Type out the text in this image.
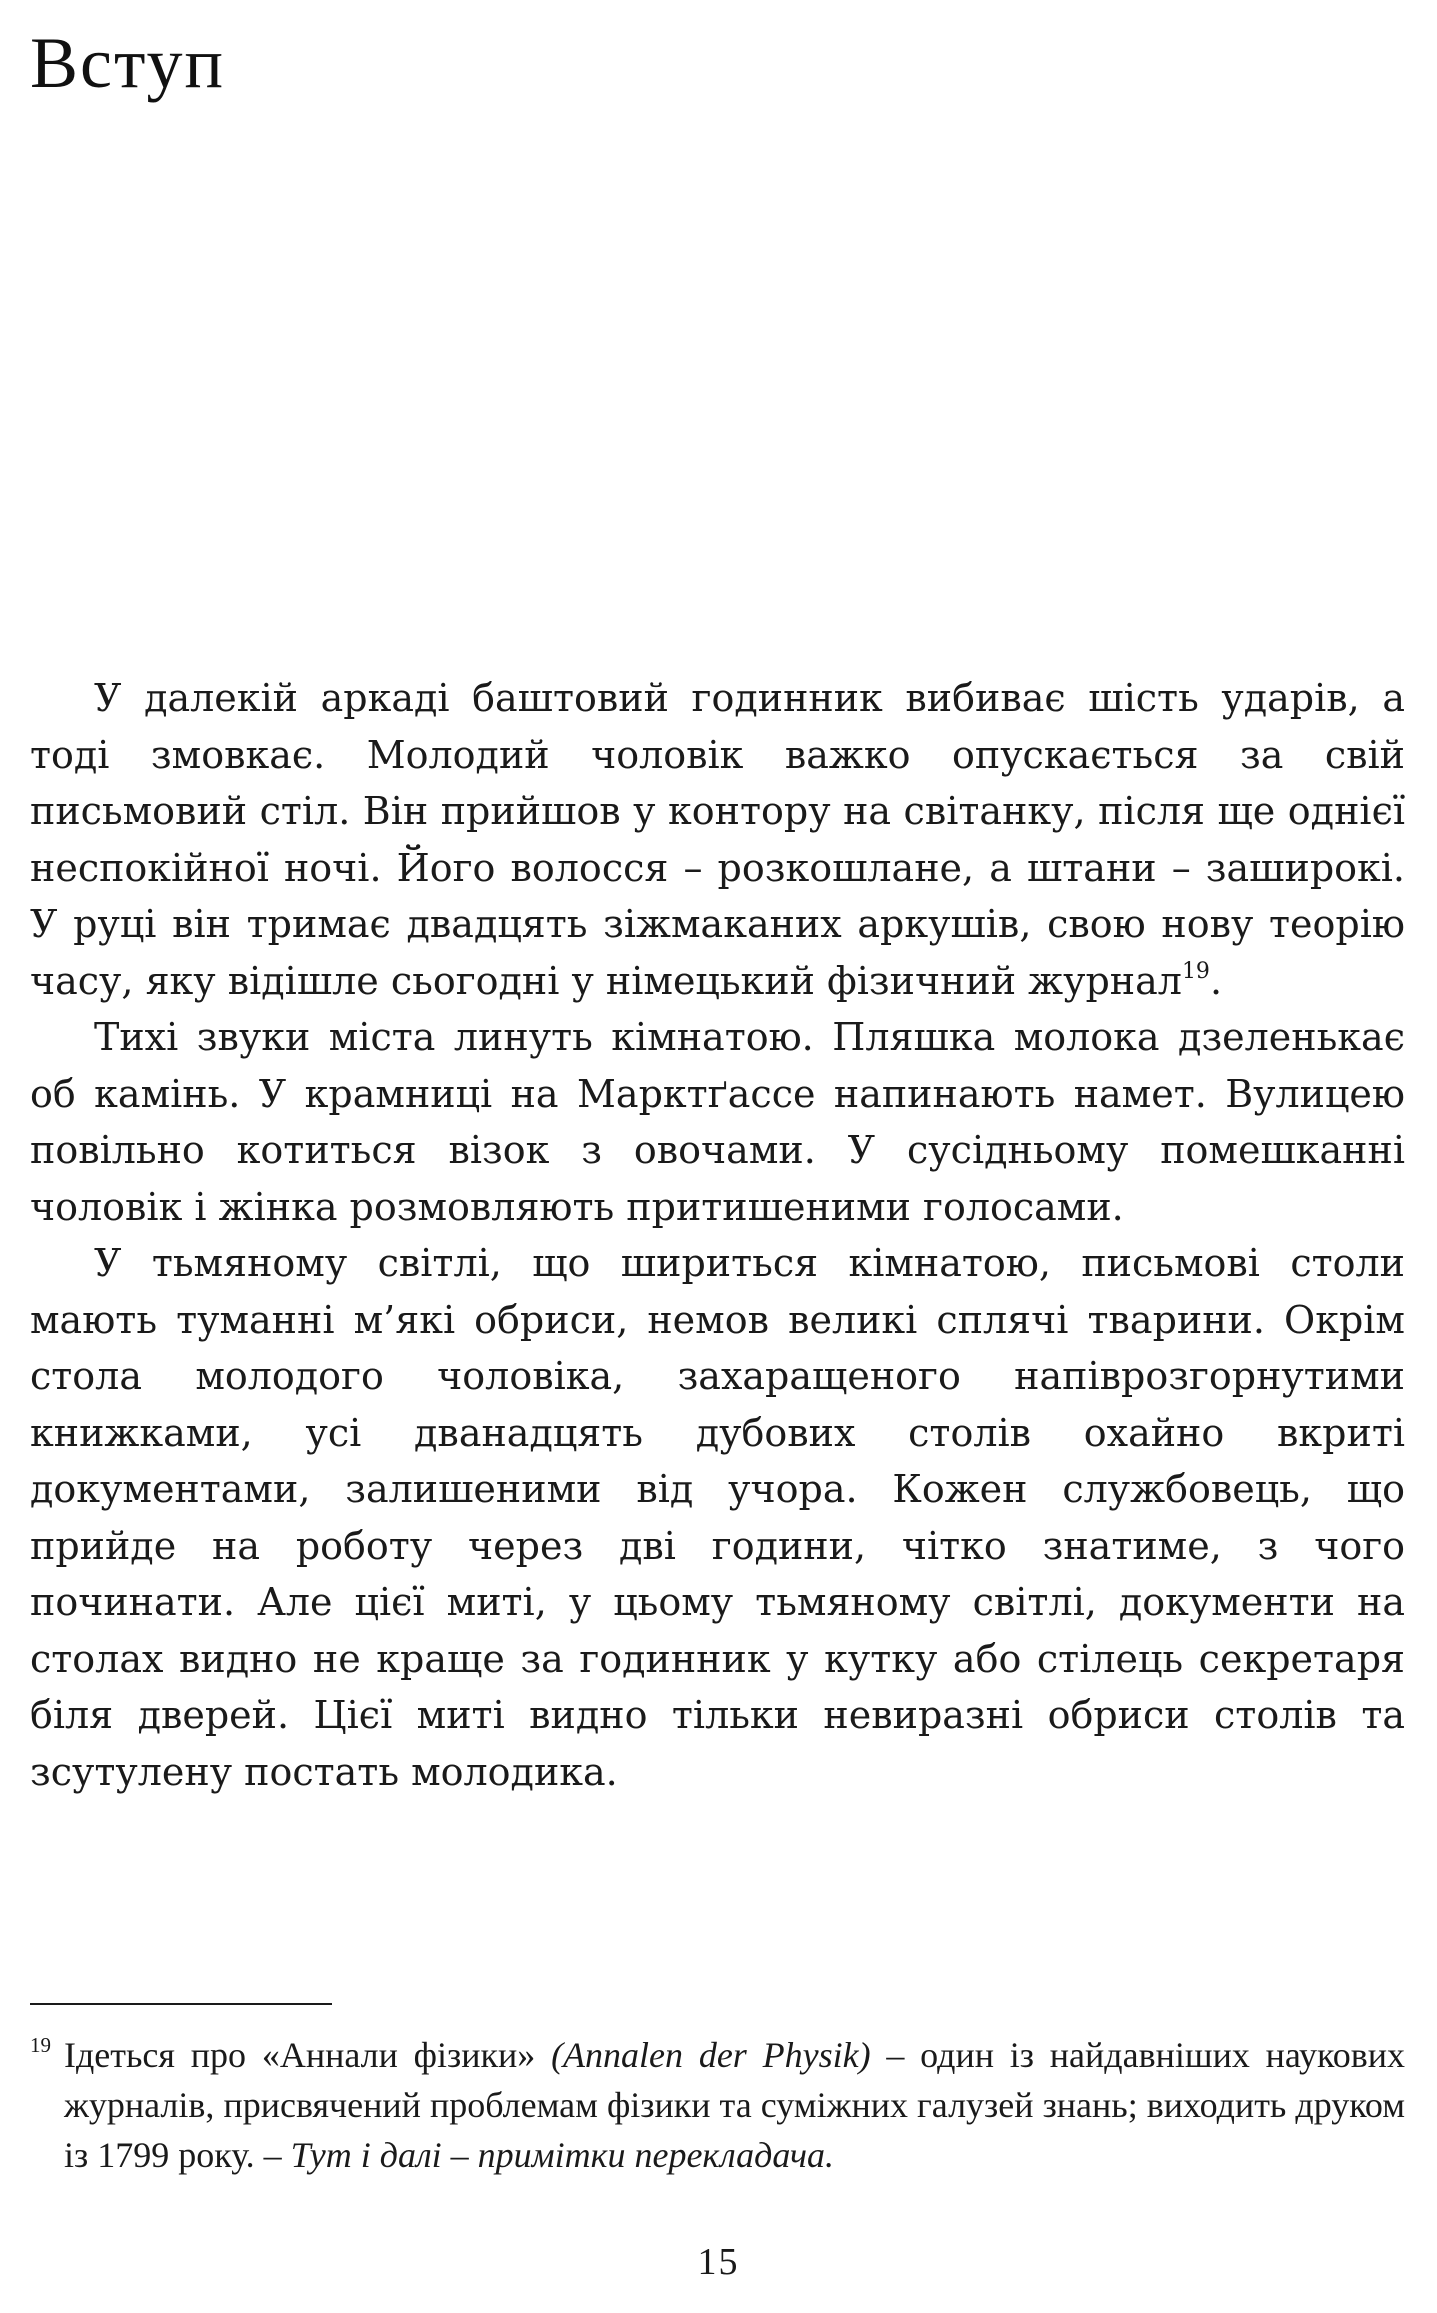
Вступ

У далекій аркаді баштовий годинник вибиває шість ударів, а тоді змовкає. Молодий чоловік важко опускається за свій письмовий стіл. Він прийшов у контору на світанку, після ще однієї неспокійної ночі. Його волосся – розкошлане, а штани – заширокі. У руці він тримає двадцять зіжмаканих аркушів, свою нову теорію часу, яку відішле сьогодні у німецький фізичний журнал$^{19}$.

Тихі звуки міста линуть кімнатою. Пляшка молока дзеленькає об камінь. У крамниці на Марктґассе напинають намет. Вулицею повільно котиться візок з овочами. У сусідньому помешканні чоловік і жінка розмовляють притишеними голосами.

У тьмяному світлі, що шириться кімнатою, письмові столи мають туманні м’які обриси, немов великі сплячі тварини. Окрім стола молодого чоловіка, захаращеного напіврозгорнутими книжками, усі дванадцять дубових столів охайно вкриті документами, залишеними від учора. Кожен службовець, що прийде на роботу через дві години, чітко знатиме, з чого починати. Але цієї миті, у цьому тьмяному світлі, документи на столах видно не краще за годинник у кутку або стілець секретаря біля дверей. Цієї миті видно тільки невиразні обриси столів та зсутулену постать молодика.

$^{19}$ Ідеться про «Аннали фізики» (Annalen der Physik) – один із найдавніших наукових журналів, присвячений проблемам фізики та суміжних галузей знань; виходить друком із 1799 року. – Тут і далі – примітки перекладача.
15
